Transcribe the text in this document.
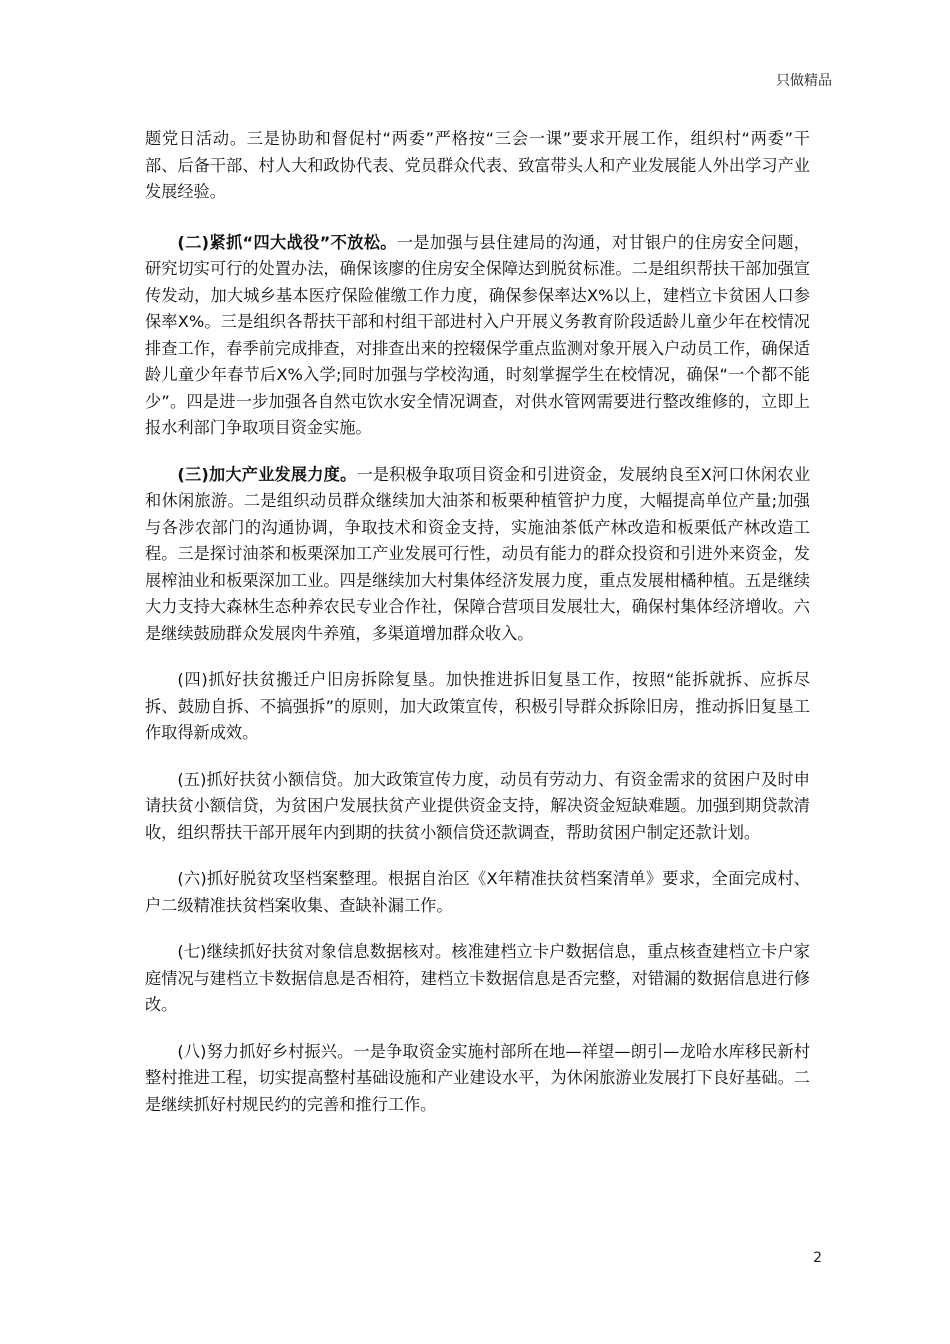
只做精品

题党日活动。三是协助和督促村“两委”严格按“三会一课”要求开展工作，组织村“两委”干部、后备干部、村人大和政协代表、党员群众代表、致富带头人和产业发展能人外出学习产业发展经验。

(二)紧抓“四大战役”不放松。一是加强与县住建局的沟通，对甘银户的住房安全问题，研究切实可行的处置办法，确保该廖的住房安全保障达到脱贫标准。二是组织帮扶干部加强宣传发动，加大城乡基本医疗保险催缴工作力度，确保参保率达X%以上，建档立卡贫困人口参保率X%。三是组织各帮扶干部和村组干部进村入户开展义务教育阶段适龄儿童少年在校情况排查工作，春季前完成排查，对排查出来的控辍保学重点监测对象开展入户动员工作，确保适龄儿童少年春节后X%入学;同时加强与学校沟通，时刻掌握学生在校情况，确保“一个都不能少”。四是进一步加强各自然屯饮水安全情况调查，对供水管网需要进行整改维修的，立即上报水利部门争取项目资金实施。

(三)加大产业发展力度。一是积极争取项目资金和引进资金，发展纳良至X河口休闲农业和休闲旅游。二是组织动员群众继续加大油茶和板栗种植管护力度，大幅提高单位产量;加强与各涉农部门的沟通协调，争取技术和资金支持，实施油茶低产林改造和板栗低产林改造工程。三是探讨油茶和板栗深加工产业发展可行性，动员有能力的群众投资和引进外来资金，发展榨油业和板栗深加工业。四是继续加大村集体经济发展力度，重点发展柑橘种植。五是继续大力支持大森林生态种养农民专业合作社，保障合营项目发展壮大，确保村集体经济增收。六是继续鼓励群众发展肉牛养殖，多渠道增加群众收入。

(四)抓好扶贫搬迁户旧房拆除复垦。加快推进拆旧复垦工作，按照“能拆就拆、应拆尽拆、鼓励自拆、不搞强拆”的原则，加大政策宣传，积极引导群众拆除旧房，推动拆旧复垦工作取得新成效。

(五)抓好扶贫小额信贷。加大政策宣传力度，动员有劳动力、有资金需求的贫困户及时申请扶贫小额信贷，为贫困户发展扶贫产业提供资金支持，解决资金短缺难题。加强到期贷款清收，组织帮扶干部开展年内到期的扶贫小额信贷还款调查，帮助贫困户制定还款计划。

(六)抓好脱贫攻坚档案整理。根据自治区《X年精准扶贫档案清单》要求，全面完成村、户二级精准扶贫档案收集、查缺补漏工作。

(七)继续抓好扶贫对象信息数据核对。核准建档立卡户数据信息，重点核查建档立卡户家庭情况与建档立卡数据信息是否相符，建档立卡数据信息是否完整，对错漏的数据信息进行修改。

(八)努力抓好乡村振兴。一是争取资金实施村部所在地—祥望—朗引—龙哈水库移民新村整村推进工程，切实提高整村基础设施和产业建设水平，为休闲旅游业发展打下良好基础。二是继续抓好村规民约的完善和推行工作。

2
